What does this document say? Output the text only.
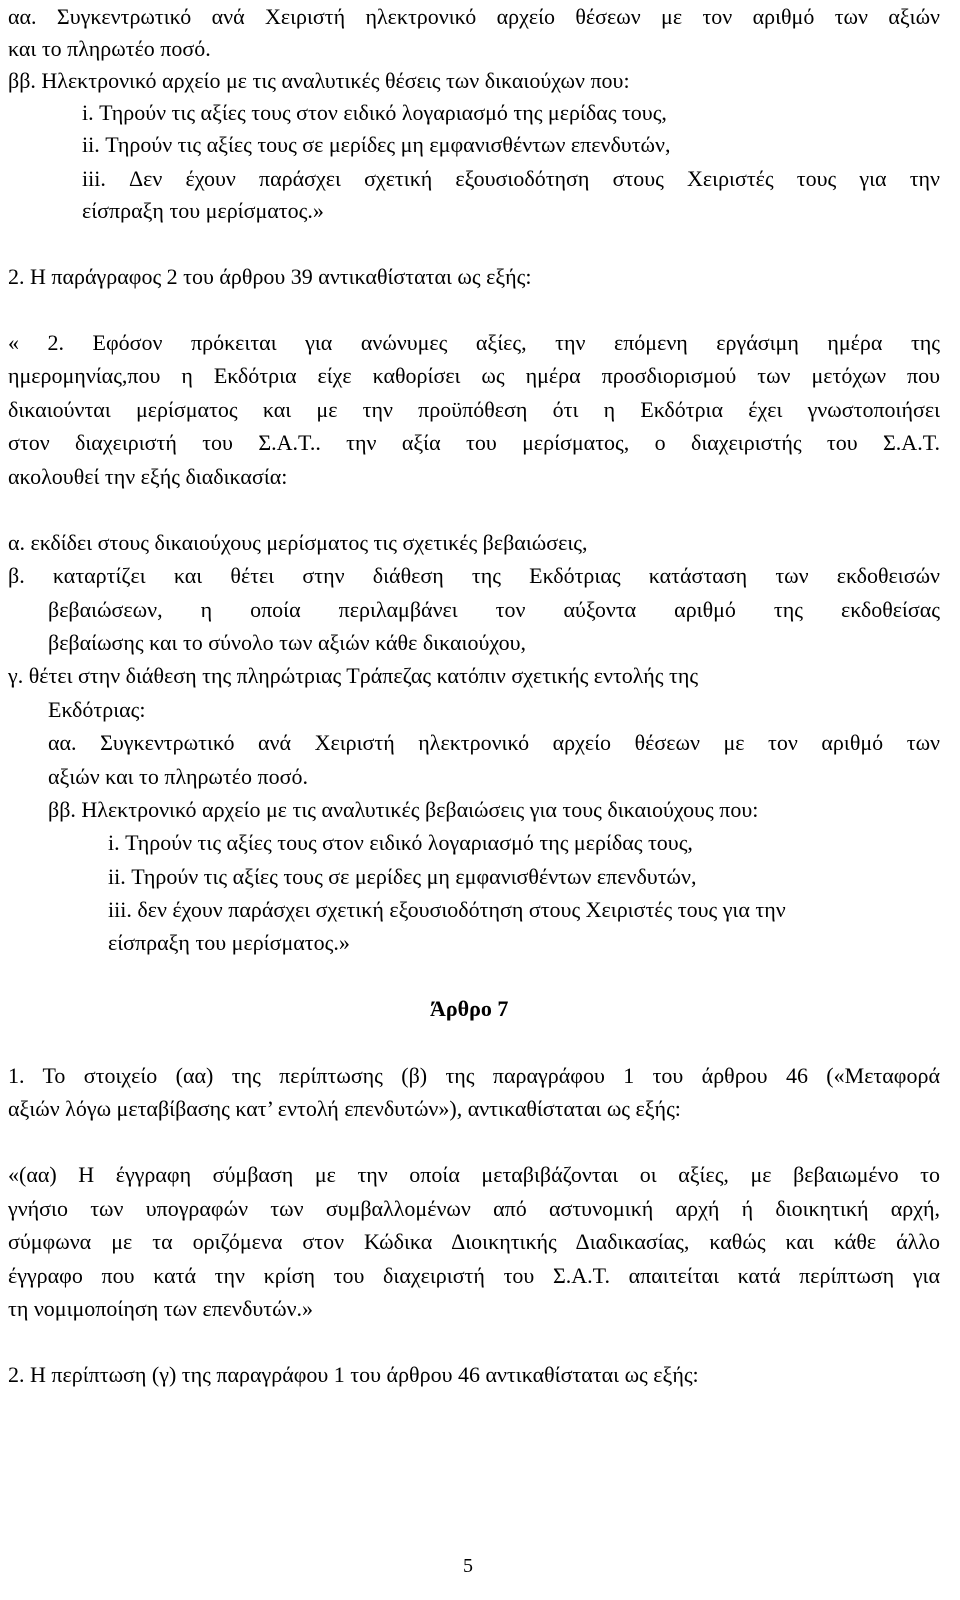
αα. Συγκεντρωτικό ανά Χειριστή ηλεκτρονικό αρχείο θέσεων με τον αριθμό των αξιών
και το πληρωτέο ποσό.
ββ. Ηλεκτρονικό αρχείο με τις αναλυτικές θέσεις των δικαιούχων που:
i. Τηρούν τις αξίες τους στον ειδικό λογαριασμό της μερίδας τους,
ii. Τηρούν τις αξίες τους σε μερίδες μη εμφανισθέντων επενδυτών,
iii. Δεν έχουν παράσχει σχετική εξουσιοδότηση στους Χειριστές τους για την
είσπραξη του μερίσματος.»
2. Η παράγραφος 2 του άρθρου 39 αντικαθίσταται ως εξής:
« 2. Εφόσον πρόκειται για ανώνυμες αξίες, την επόμενη εργάσιμη ημέρα της
ημερομηνίας,που η Εκδότρια είχε καθορίσει ως ημέρα προσδιορισμού των μετόχων που
δικαιούνται μερίσματος και με την προϋπόθεση ότι η Εκδότρια έχει γνωστοποιήσει
στον διαχειριστή του Σ.Α.Τ.. την αξία του μερίσματος, ο διαχειριστής του Σ.Α.Τ.
ακολουθεί την εξής διαδικασία:
α. εκδίδει στους δικαιούχους μερίσματος τις σχετικές βεβαιώσεις,
β. καταρτίζει και θέτει στην διάθεση της Εκδότριας κατάσταση των εκδοθεισών
βεβαιώσεων, η οποία περιλαμβάνει τον αύξοντα αριθμό της εκδοθείσας
βεβαίωσης και το σύνολο των αξιών κάθε δικαιούχου,
γ. θέτει στην διάθεση της πληρώτριας Τράπεζας κατόπιν σχετικής εντολής της
Εκδότριας:
αα. Συγκεντρωτικό ανά Χειριστή ηλεκτρονικό αρχείο θέσεων με τον αριθμό των
αξιών και το πληρωτέο ποσό.
ββ. Ηλεκτρονικό αρχείο με τις αναλυτικές βεβαιώσεις για τους δικαιούχους που:
i. Τηρούν τις αξίες τους στον ειδικό λογαριασμό της μερίδας τους,
ii. Τηρούν τις αξίες τους σε μερίδες μη εμφανισθέντων επενδυτών,
iii. δεν έχουν παράσχει σχετική εξουσιοδότηση στους Χειριστές τους για την
είσπραξη του μερίσματος.»
Άρθρο 7
1. Το στοιχείο (αα) της περίπτωσης (β) της παραγράφου 1 του άρθρου 46 («Μεταφορά
αξιών λόγω μεταβίβασης κατ’ εντολή επενδυτών»), αντικαθίσταται ως εξής:
«(αα) Η έγγραφη σύμβαση με την οποία μεταβιβάζονται οι αξίες, με βεβαιωμένο το
γνήσιο των υπογραφών των συμβαλλομένων από αστυνομική αρχή ή διοικητική αρχή,
σύμφωνα με τα οριζόμενα στον Κώδικα Διοικητικής Διαδικασίας, καθώς και κάθε άλλο
έγγραφο που κατά την κρίση του διαχειριστή του Σ.Α.Τ. απαιτείται κατά περίπτωση για
τη νομιμοποίηση των επενδυτών.»
2. Η περίπτωση (γ) της παραγράφου 1 του άρθρου 46 αντικαθίσταται ως εξής:
5
